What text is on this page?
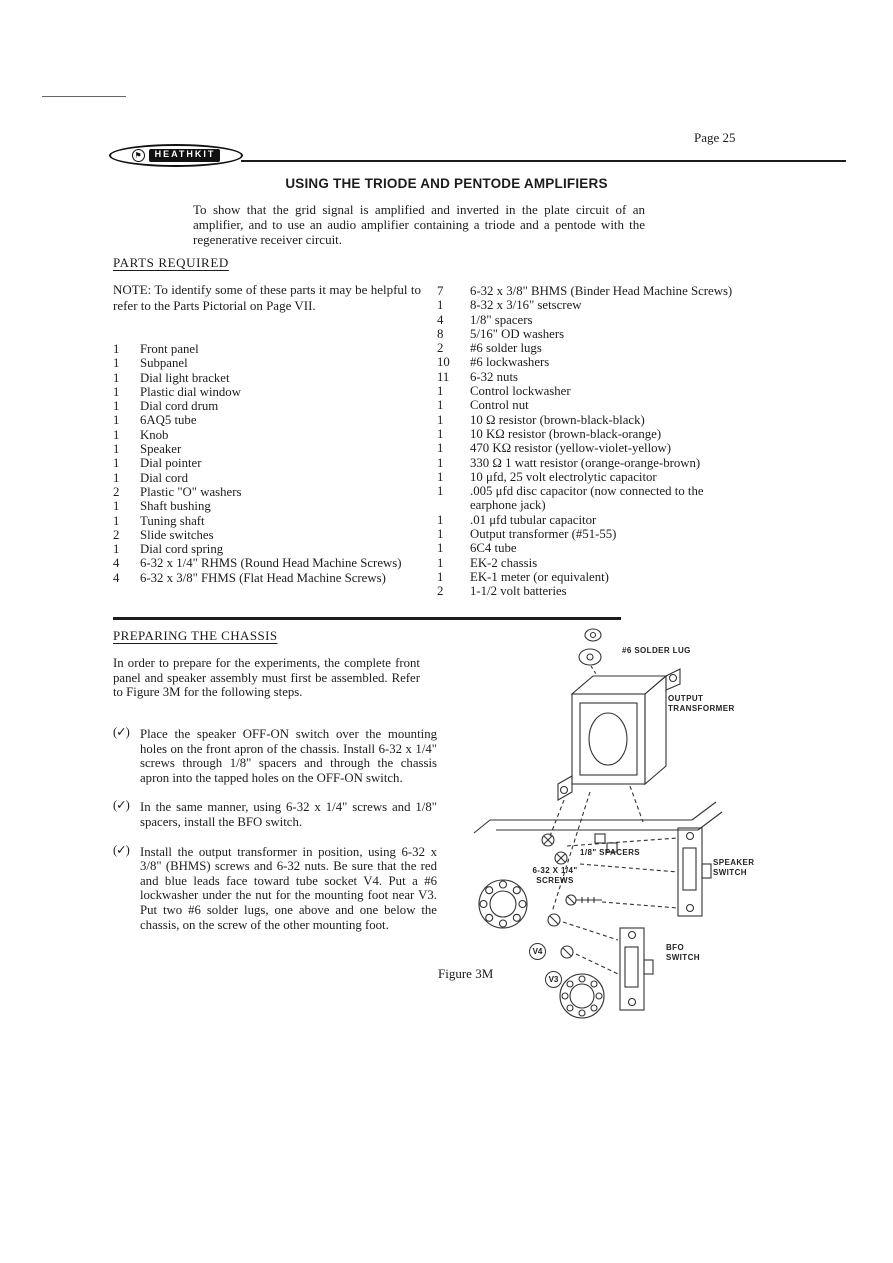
Page 25
⚑	HEATHKIT
USING THE TRIODE AND PENTODE AMPLIFIERS
To show that the grid signal is amplified and inverted in the plate circuit of an amplifier, and to use an audio amplifier containing a triode and a pentode with the regenerative receiver circuit.
PARTS REQUIRED
NOTE: To identify some of these parts it may be helpful to refer to the Parts Pictorial on Page VII.
1	Front panel
1	Subpanel
1	Dial light bracket
1	Plastic dial window
1	Dial cord drum
1	6AQ5 tube
1	Knob
1	Speaker
1	Dial pointer
1	Dial cord
2	Plastic "O" washers
1	Shaft bushing
1	Tuning shaft
2	Slide switches
1	Dial cord spring
4	6-32 x 1/4" RHMS (Round Head Machine Screws)
4	6-32 x 3/8" FHMS (Flat Head Machine Screws)
7	6-32 x 3/8" BHMS (Binder Head Machine Screws)
1	8-32 x 3/16" setscrew
4	1/8" spacers
8	5/16" OD washers
2	#6 solder lugs
10	#6 lockwashers
11	6-32 nuts
1	Control lockwasher
1	Control nut
1	10 Ω resistor (brown-black-black)
1	10 KΩ resistor (brown-black-orange)
1	470 KΩ resistor (yellow-violet-yellow)
1	330 Ω 1 watt resistor (orange-orange-brown)
1	10 μfd, 25 volt electrolytic capacitor
1	.005 μfd disc capacitor (now connected to the earphone jack)
1	.01 μfd tubular capacitor
1	Output transformer (#51-55)
1	6C4 tube
1	EK-2 chassis
1	EK-1 meter (or equivalent)
2	1-1/2 volt batteries
PREPARING THE CHASSIS
In order to prepare for the experiments, the complete front panel and speaker assembly must first be assembled. Refer to Figure 3M for the following steps.
(✓) Place the speaker OFF-ON switch over the mounting holes on the front apron of the chassis. Install 6-32 x 1/4" screws through 1/8" spacers and through the chassis apron into the tapped holes on the OFF-ON switch.
(✓) In the same manner, using 6-32 x 1/4" screws and 1/8" spacers, install the BFO switch.
(✓) Install the output transformer in position, using 6-32 x 3/8" (BHMS) screws and 6-32 nuts. Be sure that the red and blue leads face toward tube socket V4. Put a #6 lockwasher under the nut for the mounting foot near V3. Put two #6 solder lugs, one above and one below the chassis, on the screw of the other mounting foot.
#6 SOLDER LUG
OUTPUT TRANSFORMER
1/8" SPACERS
6-32 X 1/4" SCREWS
SPEAKER SWITCH
BFO SWITCH
V4
V3
Figure 3M
